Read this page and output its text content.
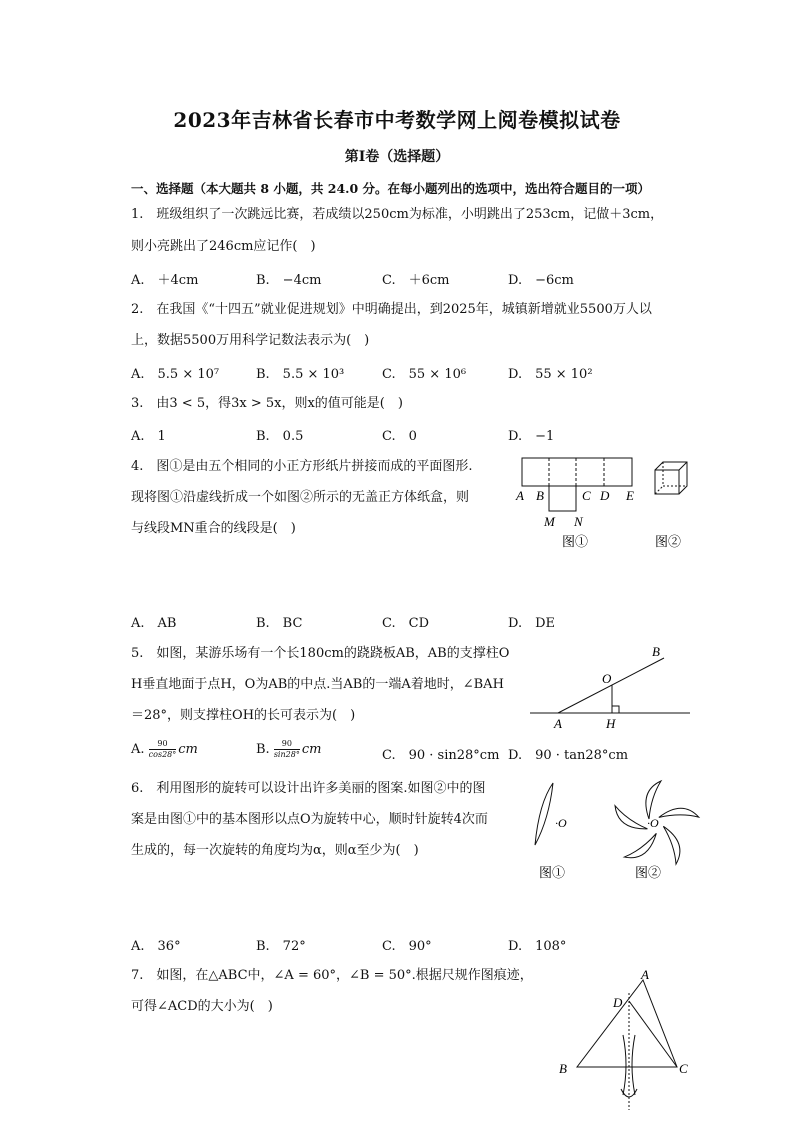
2023年吉林省长春市中考数学网上阅卷模拟试卷
第Ⅰ卷（选择题）
一、选择题（本大题共 8 小题，共 24.0 分。在每小题列出的选项中，选出符合题目的一项）
1.　班级组织了一次跳远比赛，若成绩以250cm为标准，小明跳出了253cm，记做＋3cm，
则小亮跳出了246cm应记作(　)
A.　＋4cm	B.　−4cm	C.　＋6cm	D.　−6cm
2.　在我国《“十四五”就业促进规划》中明确提出，到2025年，城镇新增就业5500万人以
上，数据5500万用科学记数法表示为(　)
A.　5.5 × 10⁷	B.　5.5 × 10³	C.　55 × 10⁶	D.　55 × 10²
3.　由3 < 5，得3x > 5x，则x的值可能是(　)
A.　1	B.　0.5	C.　0	D.　−1
4.　图①是由五个相同的小正方形纸片拼接而成的平面图形.
现将图①沿虚线折成一个如图②所示的无盖正方体纸盒，则
与线段MN重合的线段是(　)
A B	C D E
M N
图①	图②
A.　AB	B.　BC	C.　CD	D.　DE
5.　如图，某游乐场有一个长180cm的跷跷板AB，AB的支撑柱O
H垂直地面于点H，O为AB的中点.当AB的一端A着地时，∠BAH
＝28°，则支撑柱OH的长可表示为(　)
A
B
O
H
A. $\frac{90}{\cos 28^\circ}$ cm	B. $\frac{90}{\sin 28^\circ}$ cm	C.　90 · sin28°cm D.　90 · tan28°cm
6.　利用图形的旋转可以设计出许多美丽的图案.如图②中的图
案是由图①中的基本图形以点O为旋转中心，顺时针旋转4次而
生成的，每一次旋转的角度均为α，则α至少为(　)
·O	·O
图①	图②
A.　36°	B.　72°	C.　90°	D.　108°
7.　如图，在△ABC中，∠A = 60°，∠B = 50°.根据尺规作图痕迹，
可得∠ACD的大小为(　)
A
D
B	C
